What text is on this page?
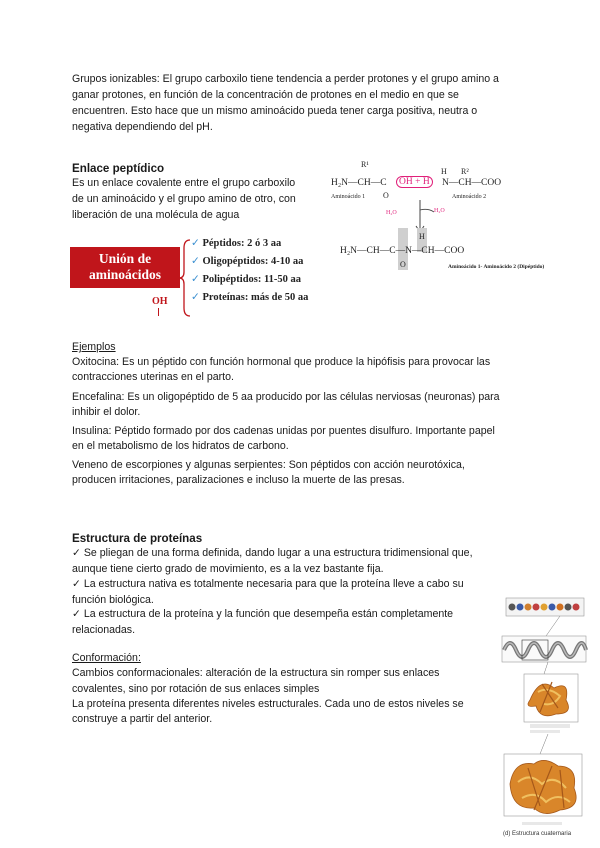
Grupos ionizables: El grupo carboxilo tiene tendencia a perder protones y el grupo amino a

ganar protones, en función de la concentración de protones en el medio en que se

encuentren. Esto hace que un mismo aminoácido pueda tener carga positiva, neutra o

negativa dependiendo del pH.

Enlace peptídico

Es un enlace covalente entre el grupo carboxilo

de un aminoácido y el grupo amino de otro, con

liberación de una molécula de agua

Unión de
aminoácidos
OH
✓ Péptidos: 2 ó 3 aa
✓ Oligopéptidos: 4-10 aa
✓ Polipéptidos: 11-50 aa
✓ Proteínas: más de 50 aa
R¹
H R²
H₂N—CH—C	OH + H	N—CH—COO
O
Aminoácido 1	Aminoácido 2
H₂O	H₂O
H
H₂N—CH—C—N—CH—COO
O	Aminoácido 1- Aminoácido 2 (Dipéptido)

Ejemplos

Oxitocina: Es un péptido con función hormonal que produce la hipófisis para provocar las

contracciones uterinas en el parto.

Encefalina: Es un oligopéptido de 5 aa producido por las células nerviosas (neuronas) para

inhibir el dolor.

Insulina: Péptido formado por dos cadenas unidas por puentes disulfuro. Importante papel

en el metabolismo de los hidratos de carbono.

Veneno de escorpiones y algunas serpientes: Son péptidos con acción neurotóxica,

producen irritaciones, paralizaciones e incluso la muerte de las presas.

Estructura de proteínas

✓ Se pliegan de una forma definida, dando lugar a una estructura tridimensional que,

aunque tiene cierto grado de movimiento, es a la vez bastante fija.

✓ La estructura nativa es totalmente necesaria para que la proteína lleve a cabo su

función biológica.

✓ La estructura de la proteína y la función que desempeña están completamente

relacionadas.

Conformación:

Cambios conformacionales: alteración de la estructura sin romper sus enlaces

covalentes, sino por rotación de sus enlaces simples

La proteína presenta diferentes niveles estructurales. Cada uno de estos niveles se

construye a partir del anterior.

(d) Estructura cuaternaria
